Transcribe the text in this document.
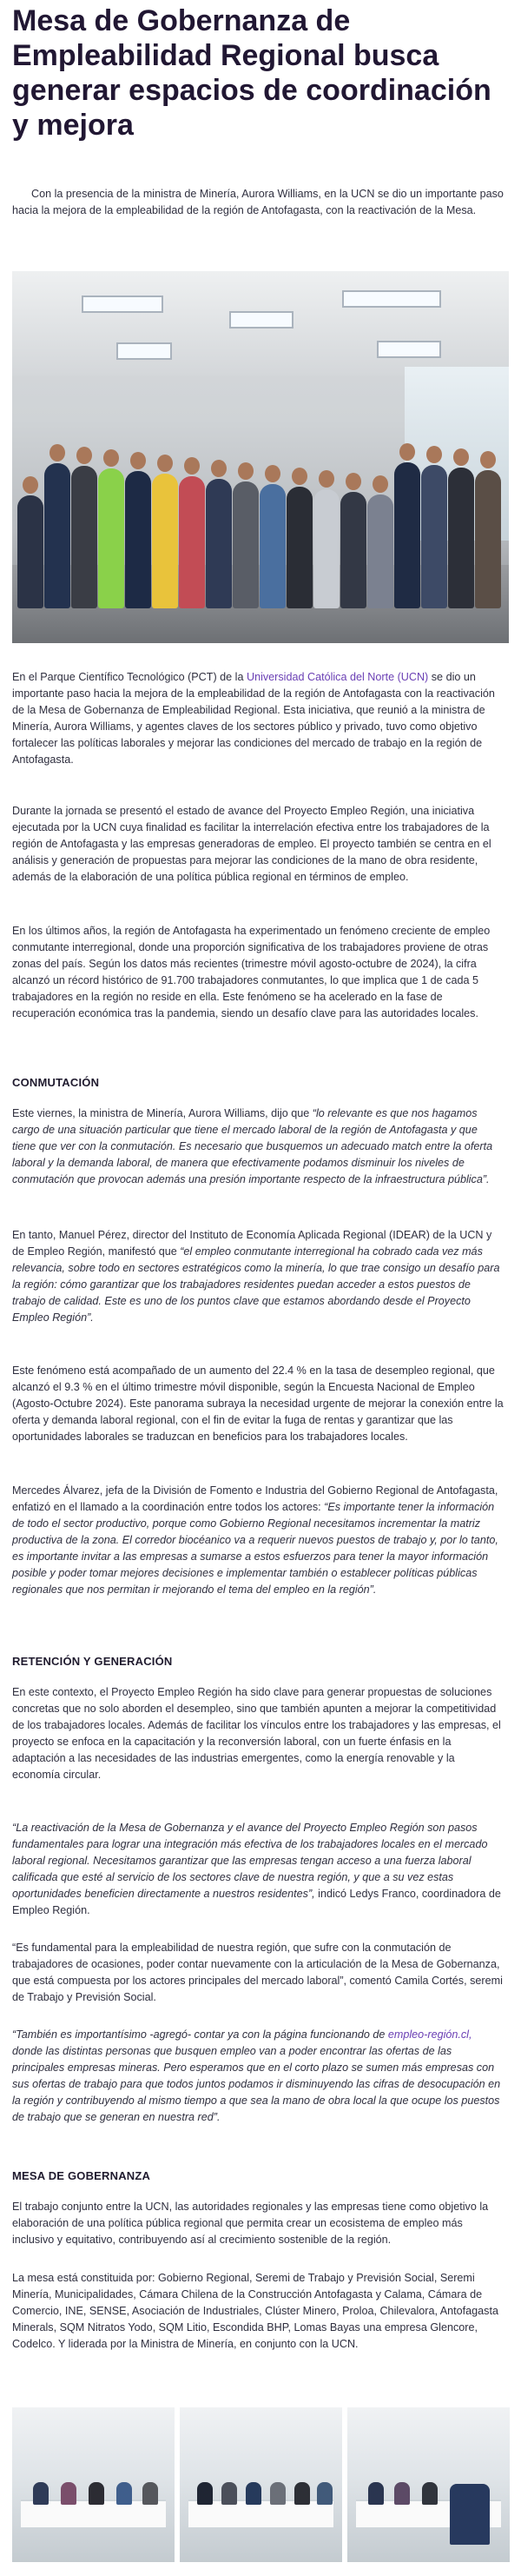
Mesa de Gobernanza de Empleabilidad Regional busca generar espacios de coordinación y mejora

Con la presencia de la ministra de Minería, Aurora Williams, en la UCN se dio un importante paso hacia la mejora de la empleabilidad de la región de Antofagasta, con la reactivación de la Mesa.

En el Parque Científico Tecnológico (PCT) de la Universidad Católica del Norte (UCN) se dio un importante paso hacia la mejora de la empleabilidad de la región de Antofagasta con la reactivación de la Mesa de Gobernanza de Empleabilidad Regional. Esta iniciativa, que reunió a la ministra de Minería, Aurora Williams, y agentes claves de los sectores público y privado, tuvo como objetivo fortalecer las políticas laborales y mejorar las condiciones del mercado de trabajo en la región de Antofagasta.

Durante la jornada se presentó el estado de avance del Proyecto Empleo Región, una iniciativa ejecutada por la UCN cuya finalidad es facilitar la interrelación efectiva entre los trabajadores de la región de Antofagasta y las empresas generadoras de empleo. El proyecto también se centra en el análisis y generación de propuestas para mejorar las condiciones de la mano de obra residente, además de la elaboración de una política pública regional en términos de empleo.

En los últimos años, la región de Antofagasta ha experimentado un fenómeno creciente de empleo conmutante interregional, donde una proporción significativa de los trabajadores proviene de otras zonas del país. Según los datos más recientes (trimestre móvil agosto-octubre de 2024), la cifra alcanzó un récord histórico de 91.700 trabajadores conmutantes, lo que implica que 1 de cada 5 trabajadores en la región no reside en ella. Este fenómeno se ha acelerado en la fase de recuperación económica tras la pandemia, siendo un desafío clave para las autoridades locales.

CONMUTACIÓN

Este viernes, la ministra de Minería, Aurora Williams, dijo que “lo relevante es que nos hagamos cargo de una situación particular que tiene el mercado laboral de la región de Antofagasta y que tiene que ver con la conmutación. Es necesario que busquemos un adecuado match entre la oferta laboral y la demanda laboral, de manera que efectivamente podamos disminuir los niveles de conmutación que provocan además una presión importante respecto de la infraestructura pública”.

En tanto, Manuel Pérez, director del Instituto de Economía Aplicada Regional (IDEAR) de la UCN y de Empleo Región, manifestó que “el empleo conmutante interregional ha cobrado cada vez más relevancia, sobre todo en sectores estratégicos como la minería, lo que trae consigo un desafío para la región: cómo garantizar que los trabajadores residentes puedan acceder a estos puestos de trabajo de calidad. Este es uno de los puntos clave que estamos abordando desde el Proyecto Empleo Región”.

Este fenómeno está acompañado de un aumento del 22.4 % en la tasa de desempleo regional, que alcanzó el 9.3 % en el último trimestre móvil disponible, según la Encuesta Nacional de Empleo (Agosto-Octubre 2024). Este panorama subraya la necesidad urgente de mejorar la conexión entre la oferta y demanda laboral regional, con el fin de evitar la fuga de rentas y garantizar que las oportunidades laborales se traduzcan en beneficios para los trabajadores locales.

Mercedes Álvarez, jefa de la División de Fomento e Industria del Gobierno Regional de Antofagasta, enfatizó en el llamado a la coordinación entre todos los actores: “Es importante tener la información de todo el sector productivo, porque como Gobierno Regional necesitamos incrementar la matriz productiva de la zona. El corredor biocéanico va a requerir nuevos puestos de trabajo y, por lo tanto, es importante invitar a las empresas a sumarse a estos esfuerzos para tener la mayor información posible y poder tomar mejores decisiones e implementar también o establecer políticas públicas regionales que nos permitan ir mejorando el tema del empleo en la región”.

RETENCIÓN Y GENERACIÓN

En este contexto, el Proyecto Empleo Región ha sido clave para generar propuestas de soluciones concretas que no solo aborden el desempleo, sino que también apunten a mejorar la competitividad de los trabajadores locales. Además de facilitar los vínculos entre los trabajadores y las empresas, el proyecto se enfoca en la capacitación y la reconversión laboral, con un fuerte énfasis en la adaptación a las necesidades de las industrias emergentes, como la energía renovable y la economía circular.

“La reactivación de la Mesa de Gobernanza y el avance del Proyecto Empleo Región son pasos fundamentales para lograr una integración más efectiva de los trabajadores locales en el mercado laboral regional. Necesitamos garantizar que las empresas tengan acceso a una fuerza laboral calificada que esté al servicio de los sectores clave de nuestra región, y que a su vez estas oportunidades beneficien directamente a nuestros residentes”, indicó Ledys Franco, coordinadora de Empleo Región.

“Es fundamental para la empleabilidad de nuestra región, que sufre con la conmutación de trabajadores de ocasiones, poder contar nuevamente con la articulación de la Mesa de Gobernanza, que está compuesta por los actores principales del mercado laboral”, comentó Camila Cortés, seremi de Trabajo y Previsión Social.

“También es importantísimo -agregó- contar ya con la página funcionando de empleo-región.cl, donde las distintas personas que busquen empleo van a poder encontrar las ofertas de las principales empresas mineras. Pero esperamos que en el corto plazo se sumen más empresas con sus ofertas de trabajo para que todos juntos podamos ir disminuyendo las cifras de desocupación en la región y contribuyendo al mismo tiempo a que sea la mano de obra local la que ocupe los puestos de trabajo que se generan en nuestra red”.

MESA DE GOBERNANZA

El trabajo conjunto entre la UCN, las autoridades regionales y las empresas tiene como objetivo la elaboración de una política pública regional que permita crear un ecosistema de empleo más inclusivo y equitativo, contribuyendo así al crecimiento sostenible de la región.

La mesa está constituida por: Gobierno Regional, Seremi de Trabajo y Previsión Social, Seremi Minería, Municipalidades, Cámara Chilena de la Construcción Antofagasta y Calama, Cámara de Comercio, INE, SENSE, Asociación de Industriales, Clúster Minero, Proloa, Chilevalora, Antofagasta Minerals, SQM Nitratos Yodo, SQM Litio, Escondida BHP, Lomas Bayas una empresa Glencore, Codelco. Y liderada por la Ministra de Minería, en conjunto con la UCN.
